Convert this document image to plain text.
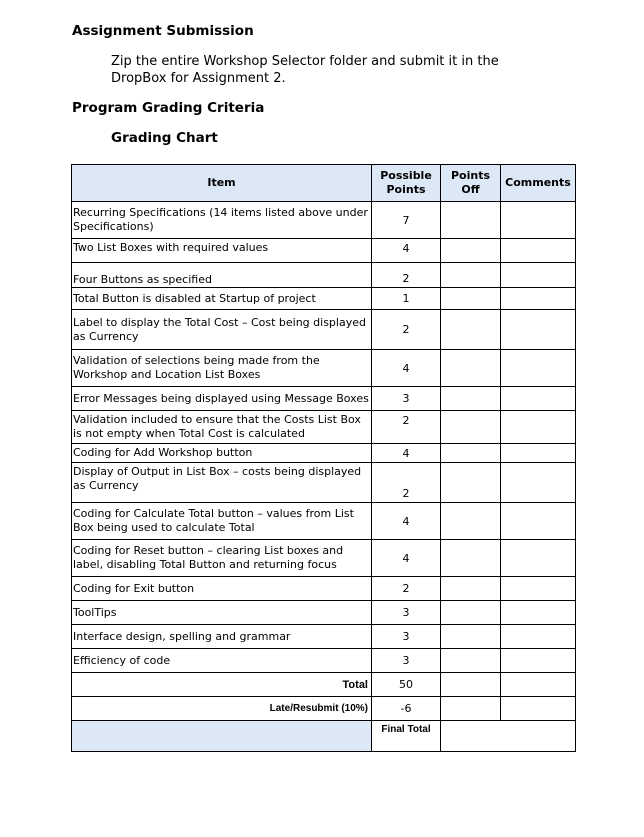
Assignment Submission
Zip the entire Workshop Selector folder and submit it in the DropBox for Assignment 2.
Program Grading Criteria
Grading Chart
Item	Possible Points	Points Off	Comments
Recurring Specifications (14 items listed above under Specifications)	7		
Two List Boxes with required values	4		
Four Buttons as specified	2		
Total Button is disabled at Startup of project	1		
Label to display the Total Cost – Cost being displayed as Currency	2		
Validation of selections being made from the Workshop and Location List Boxes	4		
Error Messages being displayed using Message Boxes	3		
Validation included to ensure that the Costs List Box is not empty when Total Cost is calculated	2		
Coding for Add Workshop button	4		
Display of Output in List Box – costs being displayed as Currency	2		
Coding for Calculate Total button – values from List Box being used to calculate Total	4		
Coding for Reset button – clearing List boxes and label, disabling Total Button and returning focus	4		
Coding for Exit button	2		
ToolTips	3		
Interface design, spelling and grammar	3		
Efficiency of code	3		
Total	50		
Late/Resubmit (10%)	-6		
	Final Total		
